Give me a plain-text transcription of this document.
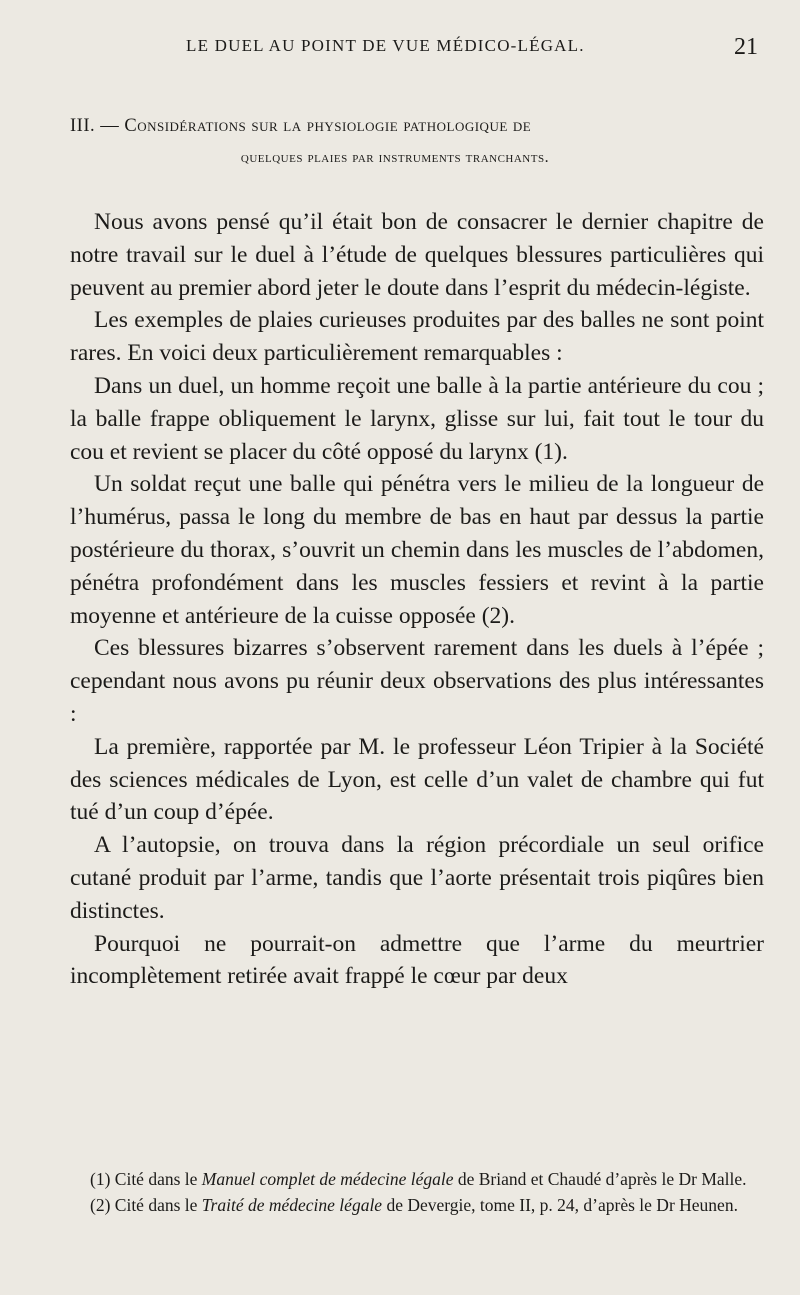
LE DUEL AU POINT DE VUE MÉDICO-LÉGAL.	21
III. — Considérations sur la physiologie pathologique de
quelques plaies par instruments tranchants.

Nous avons pensé qu’il était bon de consacrer le dernier chapitre de notre travail sur le duel à l’étude de quelques blessures particulières qui peuvent au premier abord jeter le doute dans l’esprit du médecin-légiste.

Les exemples de plaies curieuses produites par des balles ne sont point rares. En voici deux particulièrement remarquables :

Dans un duel, un homme reçoit une balle à la partie antérieure du cou ; la balle frappe obliquement le larynx, glisse sur lui, fait tout le tour du cou et revient se placer du côté opposé du larynx (1).

Un soldat reçut une balle qui pénétra vers le milieu de la longueur de l’humérus, passa le long du membre de bas en haut par dessus la partie postérieure du thorax, s’ouvrit un chemin dans les muscles de l’abdomen, pénétra profondément dans les muscles fessiers et revint à la partie moyenne et antérieure de la cuisse opposée (2).

Ces blessures bizarres s’observent rarement dans les duels à l’épée ; cependant nous avons pu réunir deux observations des plus intéressantes :

La première, rapportée par M. le professeur Léon Tripier à la Société des sciences médicales de Lyon, est celle d’un valet de chambre qui fut tué d’un coup d’épée.

A l’autopsie, on trouva dans la région précordiale un seul orifice cutané produit par l’arme, tandis que l’aorte présentait trois piqûres bien distinctes.

Pourquoi ne pourrait-on admettre que l’arme du meurtrier incomplètement retirée avait frappé le cœur par deux

(1) Cité dans le Manuel complet de médecine légale de Briand et Chaudé d’après le Dr Malle.

(2) Cité dans le Traité de médecine légale de Devergie, tome II, p. 24, d’après le Dr Heunen.
